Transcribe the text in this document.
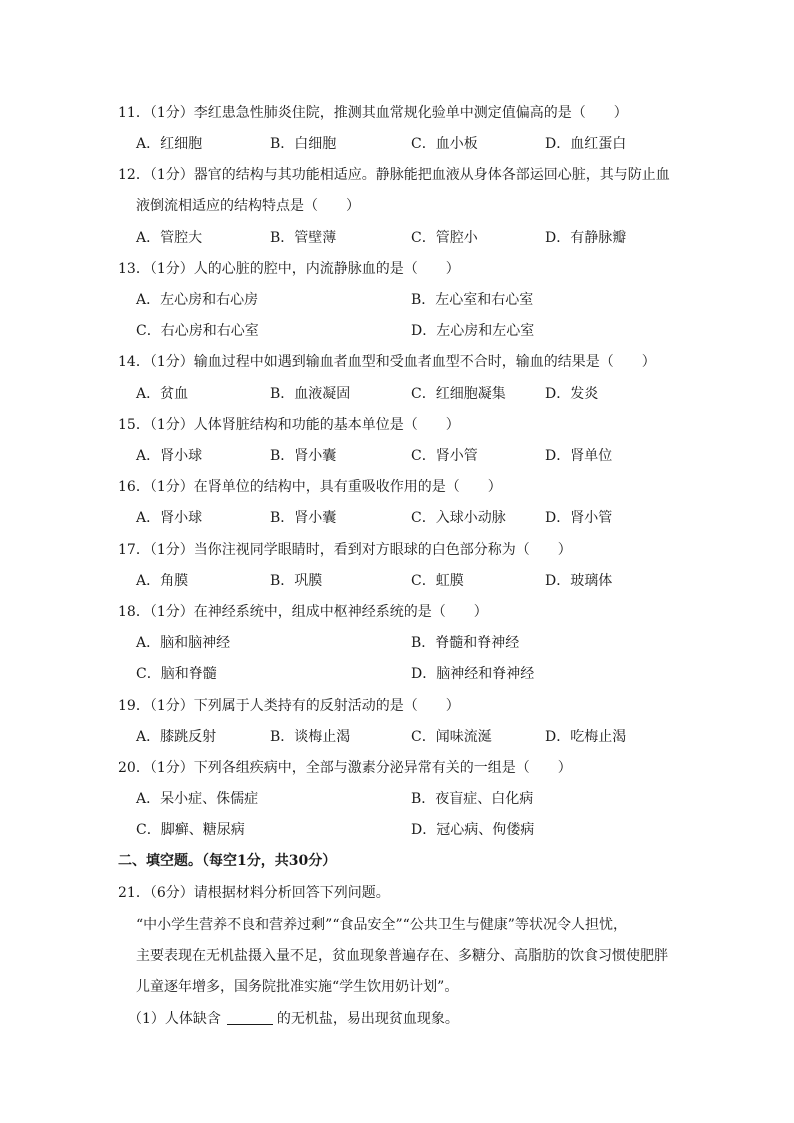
11．（1分）李红患急性肺炎住院，推测其血常规化验单中测定值偏高的是（　　）
A．红细胞	B．白细胞	C．血小板	D．血红蛋白
12．（1分）器官的结构与其功能相适应。静脉能把血液从身体各部运回心脏，其与防止血
液倒流相适应的结构特点是（　　）
A．管腔大	B．管壁薄	C．管腔小	D．有静脉瓣
13．（1分）人的心脏的腔中，内流静脉血的是（　　）
A．左心房和右心房	B．左心室和右心室
C．右心房和右心室	D．左心房和左心室
14．（1分）输血过程中如遇到输血者血型和受血者血型不合时，输血的结果是（　　）
A．贫血	B．血液凝固	C．红细胞凝集	D．发炎
15．（1分）人体肾脏结构和功能的基本单位是（　　）
A．肾小球	B．肾小囊	C．肾小管	D．肾单位
16．（1分）在肾单位的结构中，具有重吸收作用的是（　　）
A．肾小球	B．肾小囊	C．入球小动脉	D．肾小管
17．（1分）当你注视同学眼睛时，看到对方眼球的白色部分称为（　　）
A．角膜	B．巩膜	C．虹膜	D．玻璃体
18．（1分）在神经系统中，组成中枢神经系统的是（　　）
A．脑和脑神经	B．脊髓和脊神经
C．脑和脊髓	D．脑神经和脊神经
19．（1分）下列属于人类持有的反射活动的是（　　）
A．膝跳反射	B．谈梅止渴	C．闻味流涎	D．吃梅止渴
20．（1分）下列各组疾病中，全部与激素分泌异常有关的一组是（　　）
A．呆小症、侏儒症	B．夜盲症、白化病
C．脚癣、糖尿病	D．冠心病、佝偻病
二、填空题。（每空1分，共30分）
21．（6分）请根据材料分析回答下列问题。
“中小学生营养不良和营养过剩”“食品安全”“公共卫生与健康”等状况令人担忧，
主要表现在无机盐摄入量不足，贫血现象普遍存在、多糖分、高脂肪的饮食习惯使肥胖
儿童逐年增多，国务院批准实施“学生饮用奶计划”。
（1）人体缺含	的无机盐，易出现贫血现象。
